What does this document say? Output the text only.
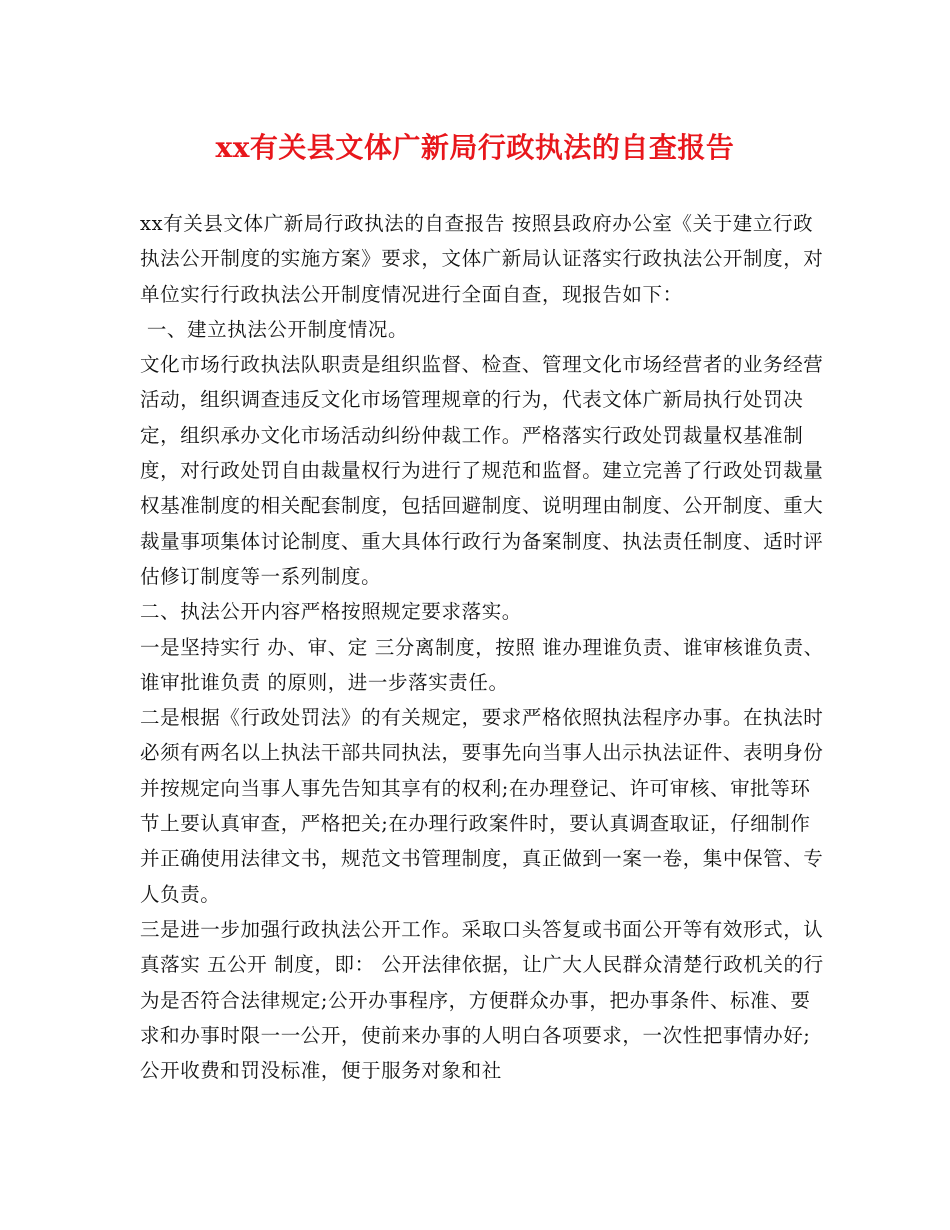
xx有关县文体广新局行政执法的自查报告

xx有关县文体广新局行政执法的自查报告 按照县政府办公室《关于建立行政执法公开制度的实施方案》要求，文体广新局认证落实行政执法公开制度，对单位实行行政执法公开制度情况进行全面自查，现报告如下：

一、建立执法公开制度情况。

文化市场行政执法队职责是组织监督、检查、管理文化市场经营者的业务经营活动，组织调查违反文化市场管理规章的行为，代表文体广新局执行处罚决定，组织承办文化市场活动纠纷仲裁工作。严格落实行政处罚裁量权基准制度，对行政处罚自由裁量权行为进行了规范和监督。建立完善了行政处罚裁量权基准制度的相关配套制度，包括回避制度、说明理由制度、公开制度、重大裁量事项集体讨论制度、重大具体行政行为备案制度、执法责任制度、适时评估修订制度等一系列制度。

二、执法公开内容严格按照规定要求落实。

一是坚持实行 办、审、定 三分离制度，按照 谁办理谁负责、谁审核谁负责、谁审批谁负责 的原则，进一步落实责任。

二是根据《行政处罚法》的有关规定，要求严格依照执法程序办事。在执法时必须有两名以上执法干部共同执法，要事先向当事人出示执法证件、表明身份并按规定向当事人事先告知其享有的权利;在办理登记、许可审核、审批等环节上要认真审查，严格把关;在办理行政案件时，要认真调查取证，仔细制作并正确使用法律文书，规范文书管理制度，真正做到一案一卷，集中保管、专人负责。

三是进一步加强行政执法公开工作。采取口头答复或书面公开等有效形式，认真落实 五公开 制度，即： 公开法律依据，让广大人民群众清楚行政机关的行为是否符合法律规定;公开办事程序，方便群众办事，把办事条件、标准、要求和办事时限一一公开，使前来办事的人明白各项要求，一次性把事情办好;公开收费和罚没标准，便于服务对象和社
